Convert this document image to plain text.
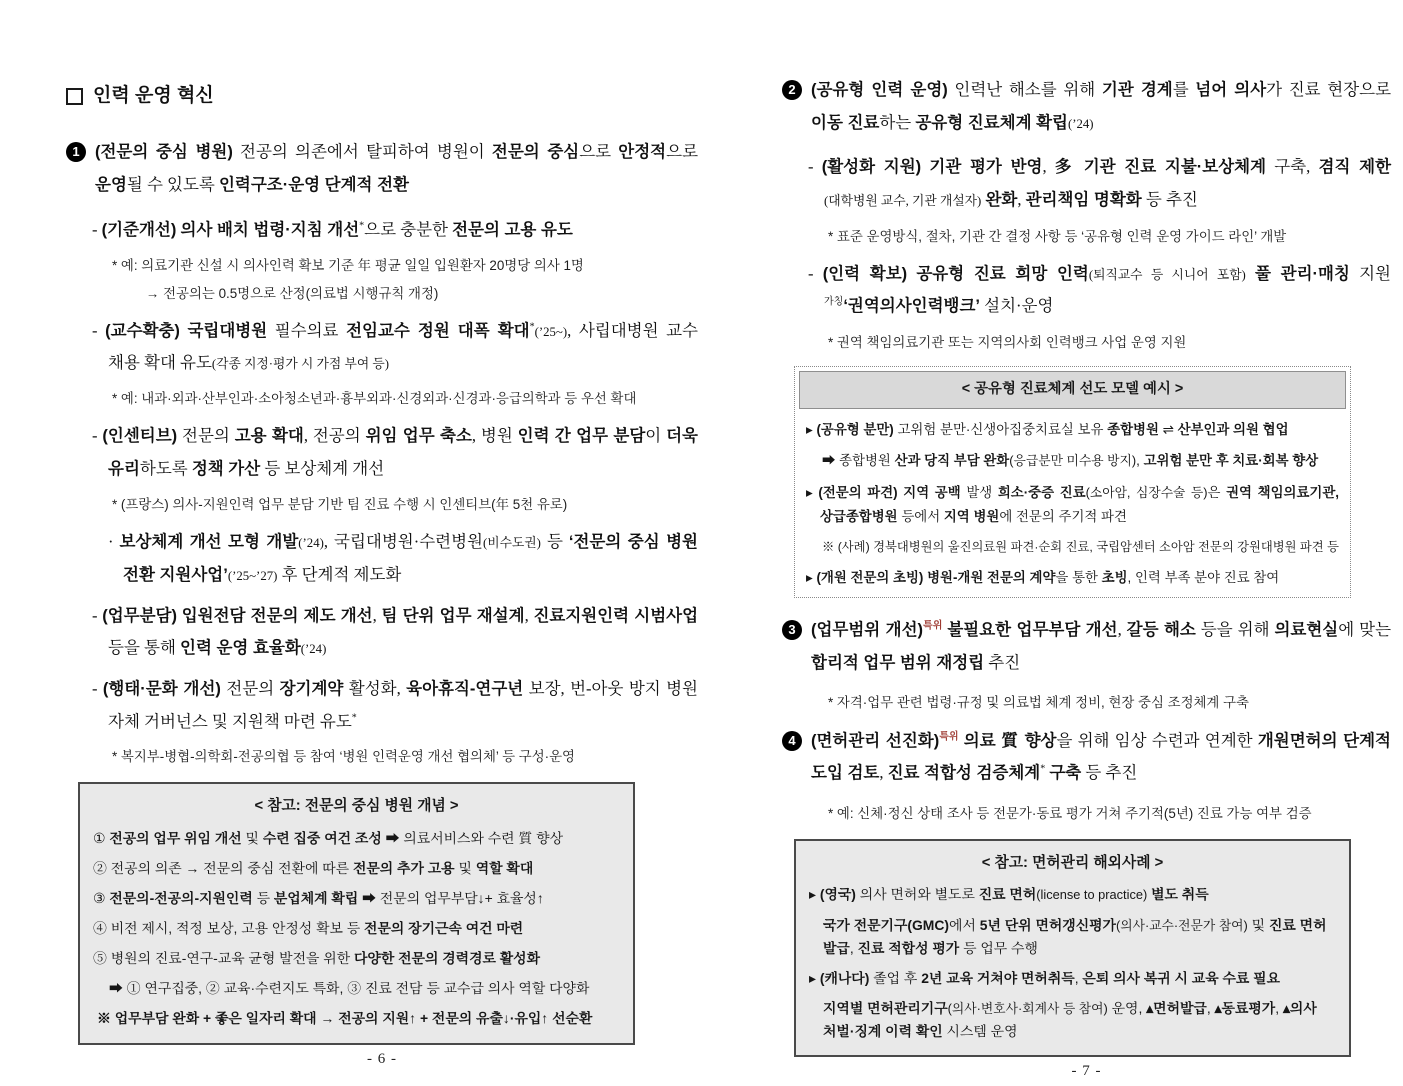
인력 운영 혁신
1 (전문의 중심 병원) 전공의 의존에서 탈피하여 병원이 전문의 중심으로 안정적으로 운영될 수 있도록 인력구조·운영 단계적 전환
- (기준개선) 의사 배치 법령·지침 개선*으로 충분한 전문의 고용 유도
* 예: 의료기관 신설 시 의사인력 확보 기준 年 평균 일일 입원환자 20명당 의사 1명
→ 전공의는 0.5명으로 산정(의료법 시행규칙 개정)
- (교수확충) 국립대병원 필수의료 전임교수 정원 대폭 확대*(’25~), 사립대병원 교수 채용 확대 유도(각종 지정·평가 시 가점 부여 등)
* 예: 내과·외과·산부인과·소아청소년과·흉부외과·신경외과·신경과·응급의학과 등 우선 확대
- (인센티브) 전문의 고용 확대, 전공의 위임 업무 축소, 병원 인력 간 업무 분담이 더욱 유리하도록 정책 가산 등 보상체계 개선
* (프랑스) 의사-지원인력 업무 분담 기반 팀 진료 수행 시 인센티브(年 5천 유로)
· 보상체계 개선 모형 개발(’24), 국립대병원·수련병원(비수도권) 등 ‘전문의 중심 병원 전환 지원사업’(’25~’27) 후 단계적 제도화
- (업무분담) 입원전담 전문의 제도 개선, 팀 단위 업무 재설계, 진료지원인력 시범사업 등을 통해 인력 운영 효율화(’24)
- (행태·문화 개선) 전문의 장기계약 활성화, 육아휴직-연구년 보장, 번-아웃 방지 병원 자체 거버넌스 및 지원책 마련 유도*
* 복지부-병협-의학회-전공의협 등 참여 ‘병원 인력운영 개선 협의체’ 등 구성·운영
< 참고: 전문의 중심 병원 개념 >
① 전공의 업무 위임 개선 및 수련 집중 여건 조성 ➡ 의료서비스와 수련 質 향상
② 전공의 의존 → 전문의 중심 전환에 따른 전문의 추가 고용 및 역할 확대
③ 전문의-전공의-지원인력 등 분업체계 확립 ➡ 전문의 업무부담↓+ 효율성↑
④ 비전 제시, 적정 보상, 고용 안정성 확보 등 전문의 장기근속 여건 마련
⑤ 병원의 진료-연구-교육 균형 발전을 위한 다양한 전문의 경력경로 활성화
➡ ① 연구집중, ② 교육·수련지도 특화, ③ 진료 전담 등 교수급 의사 역할 다양화
※ 업무부담 완화 + 좋은 일자리 확대 → 전공의 지원↑ + 전문의 유출↓·유입↑ 선순환
- 6 -
2 (공유형 인력 운영) 인력난 해소를 위해 기관 경계를 넘어 의사가 진료 현장으로 이동 진료하는 공유형 진료체계 확립(’24)
- (활성화 지원) 기관 평가 반영, 多 기관 진료 지불·보상체계 구축, 겸직 제한(대학병원 교수, 기관 개설자) 완화, 관리책임 명확화 등 추진
* 표준 운영방식, 절차, 기관 간 결정 사항 등 ‘공유형 인력 운영 가이드 라인’ 개발
- (인력 확보) 공유형 진료 희망 인력(퇴직교수 등 시니어 포함) 풀 관리·매칭 지원 $^{가칭}$‘권역의사인력뱅크’ 설치·운영
* 권역 책임의료기관 또는 지역의사회 인력뱅크 사업 운영 지원
< 공유형 진료체계 선도 모델 예시 >
▸ (공유형 분만) 고위험 분만·신생아집중치료실 보유 종합병원 ⇌ 산부인과 의원 협업
➡ 종합병원 산과 당직 부담 완화(응급분만 미수용 방지), 고위험 분만 후 치료·회복 향상
▸ (전문의 파견) 지역 공백 발생 희소·중증 진료(소아암, 심장수술 등)은 권역 책임의료기관, 상급종합병원 등에서 지역 병원에 전문의 주기적 파견
※ (사례) 경북대병원의 울진의료원 파견·순회 진료, 국립암센터 소아암 전문의 강원대병원 파견 등
▸ (개원 전문의 초빙) 병원-개원 전문의 계약을 통한 초빙, 인력 부족 분야 진료 참여
3 (업무범위 개선)$^{특위}$ 불필요한 업무부담 개선, 갈등 해소 등을 위해 의료현실에 맞는 합리적 업무 범위 재정립 추진
* 자격·업무 관련 법령·규정 및 의료법 체계 정비, 현장 중심 조정체계 구축
4 (면허관리 선진화)$^{특위}$ 의료 質 향상을 위해 임상 수련과 연계한 개원면허의 단계적 도입 검토, 진료 적합성 검증체계* 구축 등 추진
* 예: 신체·정신 상태 조사 등 전문가·동료 평가 거쳐 주기적(5년) 진료 가능 여부 검증
< 참고: 면허관리 해외사례 >
▸ (영국) 의사 면허와 별도로 진료 면허(license to practice) 별도 취득
국가 전문기구(GMC)에서 5년 단위 면허갱신평가(의사·교수·전문가 참여) 및 진료 면허 발급, 진료 적합성 평가 등 업무 수행
▸ (캐나다) 졸업 후 2년 교육 거쳐야 면허취득, 은퇴 의사 복귀 시 교육 수료 필요
지역별 면허관리기구(의사·변호사·회계사 등 참여) 운영, ▴면허발급, ▴동료평가, ▴의사 처벌·징계 이력 확인 시스템 운영
- 7 -
